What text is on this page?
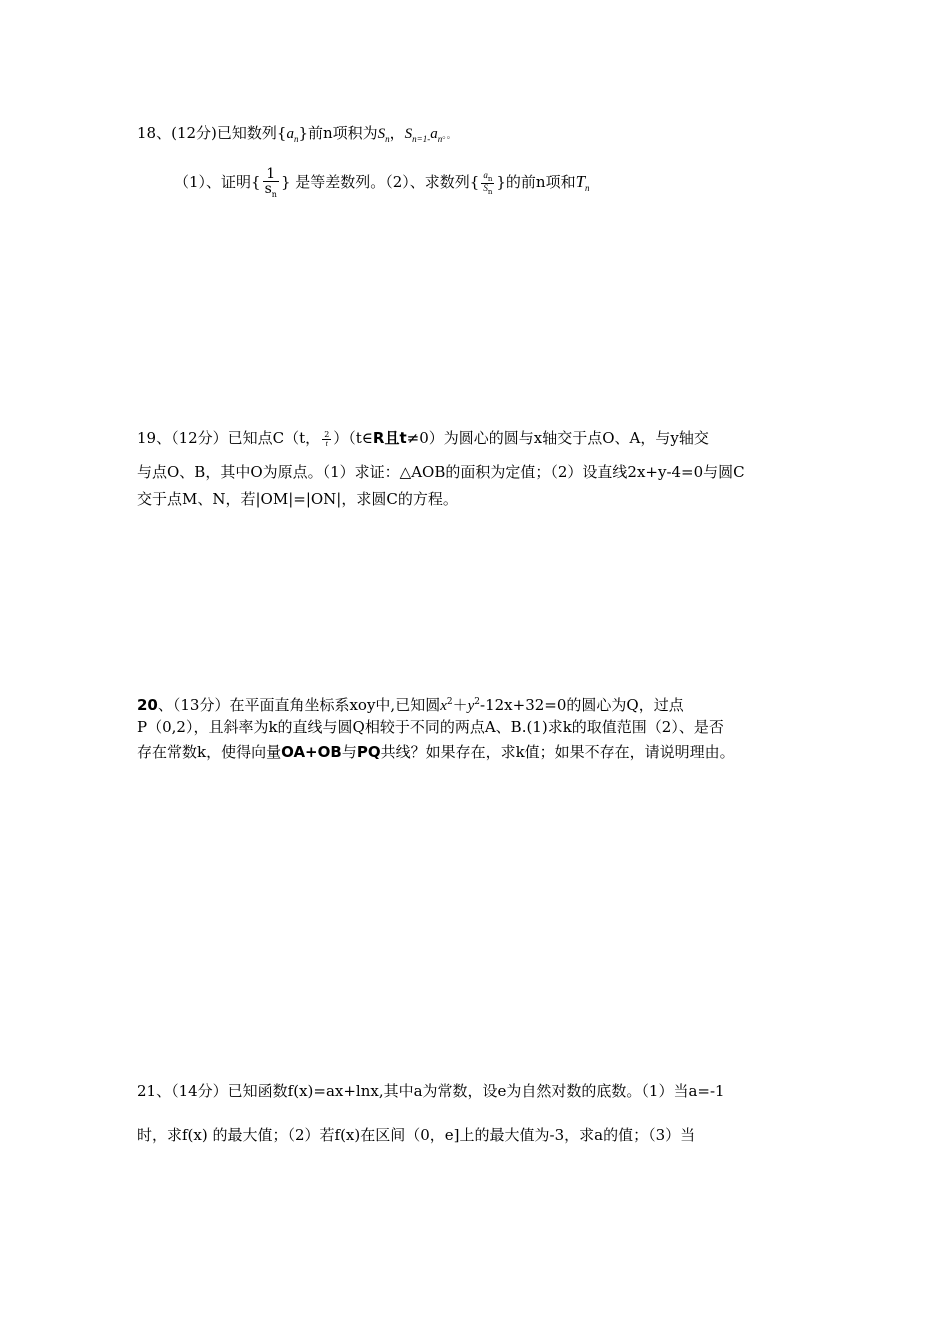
18、(12分)已知数列$\{a_n\}$前n项积为$S_n$，$S_{n=1-}a_n$。。
（1）、证明{ $\frac{1}{s_n}$ } 是等差数列。（2）、求数列{ $\frac{a_n}{S_n}$ }的前n项和$T_n$
19、（12分）已知点C（t， $\frac{2}{t}$ ）（t∈R且t≠0）为圆心的圆与x轴交于点O、A，与y轴交
与点O、B，其中O为原点。（1）求证：△AOB的面积为定值；（2）设直线2x+y-4=0与圆C
交于点M、N，若|OM|=|ON|，求圆C的方程。
20、（13分）在平面直角坐标系xoy中,已知圆$x^2+y^2-12x+32=0$的圆心为Q，过点
P（0,2），且斜率为k的直线与圆Q相较于不同的两点A、B.(1)求k的取值范围（2）、是否
存在常数k，使得向量OA+OB与PQ共线？如果存在，求k值；如果不存在，请说明理由。
21、（14分）已知函数f(x)=ax+lnx,其中a为常数，设e为自然对数的底数。（1）当a=-1
时，求f(x) 的最大值；（2）若f(x)在区间（0，e]上的最大值为-3，求a的值；（3）当
